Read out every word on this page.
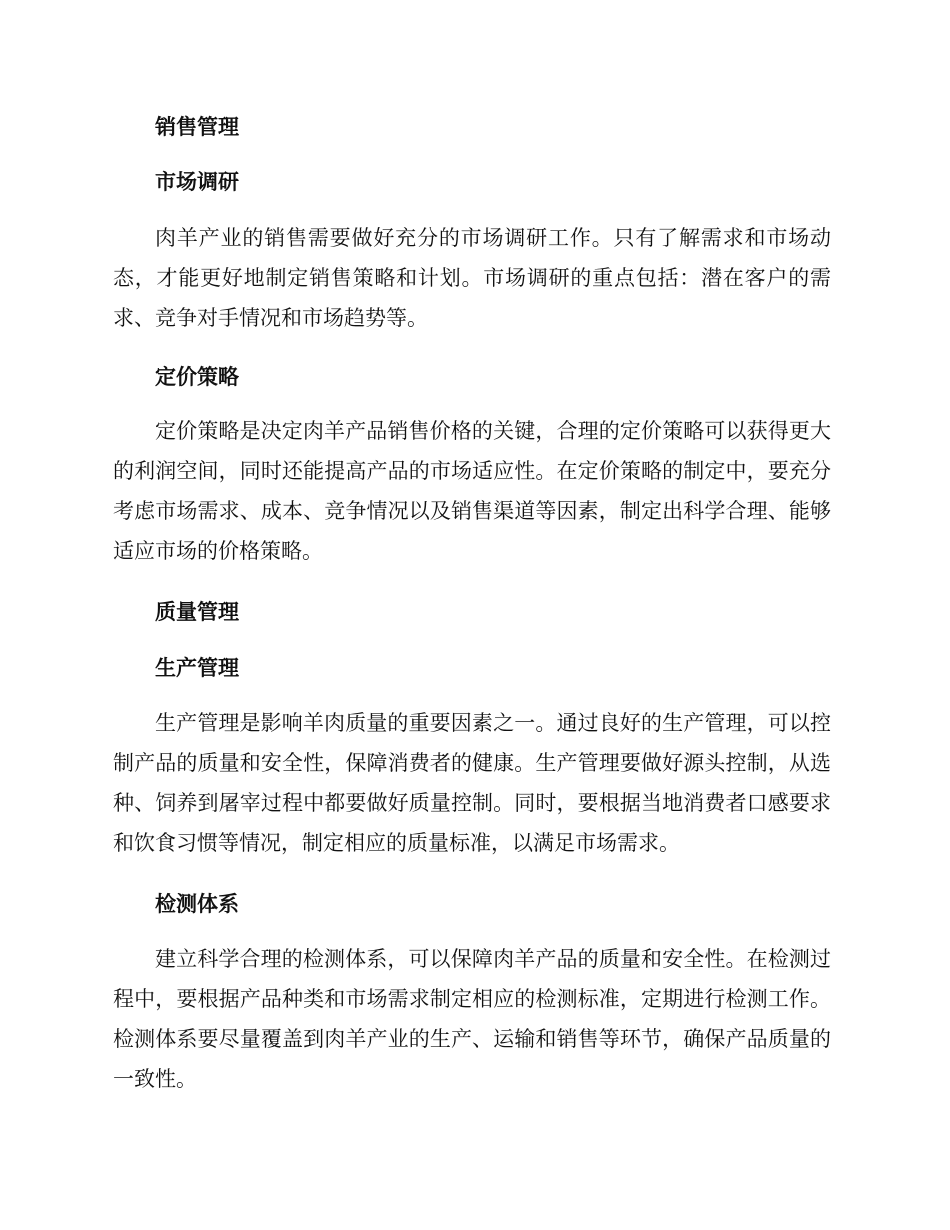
销售管理
市场调研
肉羊产业的销售需要做好充分的市场调研工作。只有了解需求和市场动态，才能更好地制定销售策略和计划。市场调研的重点包括：潜在客户的需求、竞争对手情况和市场趋势等。
定价策略
定价策略是决定肉羊产品销售价格的关键，合理的定价策略可以获得更大的利润空间，同时还能提高产品的市场适应性。在定价策略的制定中，要充分考虑市场需求、成本、竞争情况以及销售渠道等因素，制定出科学合理、能够适应市场的价格策略。
质量管理
生产管理
生产管理是影响羊肉质量的重要因素之一。通过良好的生产管理，可以控制产品的质量和安全性，保障消费者的健康。生产管理要做好源头控制，从选种、饲养到屠宰过程中都要做好质量控制。同时，要根据当地消费者口感要求和饮食习惯等情况，制定相应的质量标准，以满足市场需求。
检测体系
建立科学合理的检测体系，可以保障肉羊产品的质量和安全性。在检测过程中，要根据产品种类和市场需求制定相应的检测标准，定期进行检测工作。检测体系要尽量覆盖到肉羊产业的生产、运输和销售等环节，确保产品质量的一致性。
